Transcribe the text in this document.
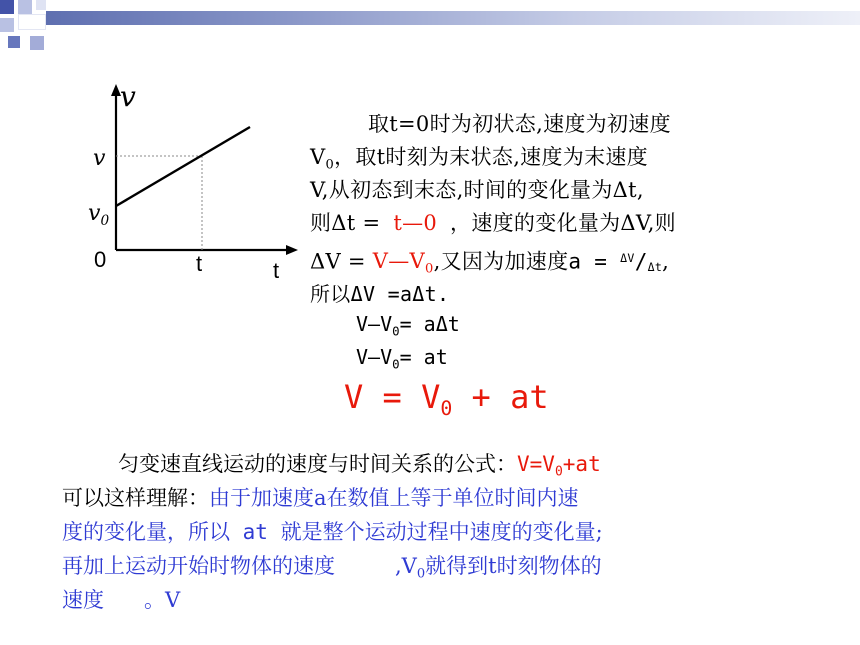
v
v
$v_0$
0	t	t
取t=0时为初状态,速度为初速度
$V_0$，取t时刻为末状态,速度为末速度
V,从初态到末态,时间的变化量为Δt,
则Δt = t—0 ，速度的变化量为ΔV,则
$\Delta V = V—V_0$,又因为加速度a = $^{\Delta V}$/Δt,
所以ΔV =aΔt.
$V—V_0= a\Delta t$
$V—V_0=$ at
$V = V_0$ + at
匀变速直线运动的速度与时间关系的公式：$V=V_0+at$
可以这样理解：由于加速度a在数值上等于单位时间内速
度的变化量，所以 at 就是整个运动过程中速度的变化量;
再加上运动开始时物体的速度	$,V_0$就得到t时刻物体的
速度 。V
